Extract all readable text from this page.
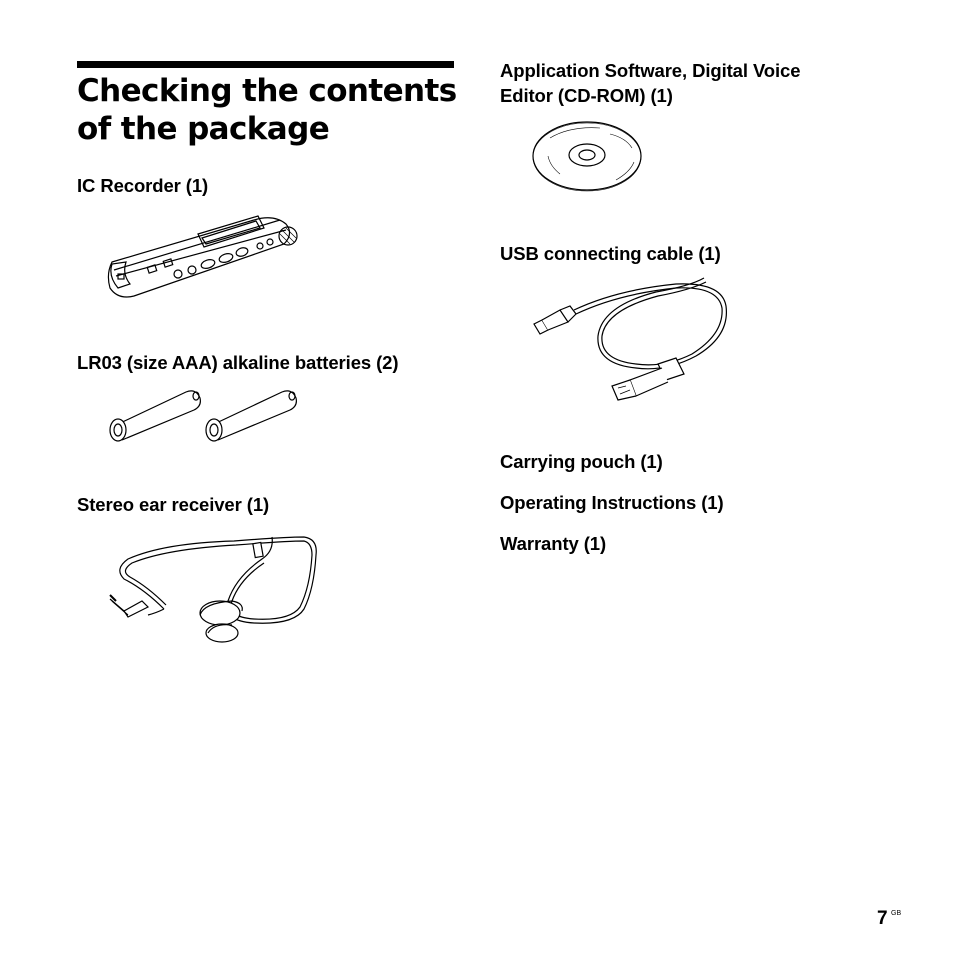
Checking the contents
of the package

IC Recorder (1)

LR03 (size AAA) alkaline batteries (2)

Stereo ear receiver (1)

Application Software, Digital Voice

Editor (CD-ROM) (1)

USB connecting cable (1)

Carrying pouch (1)

Operating Instructions (1)

Warranty (1)

7 GB
